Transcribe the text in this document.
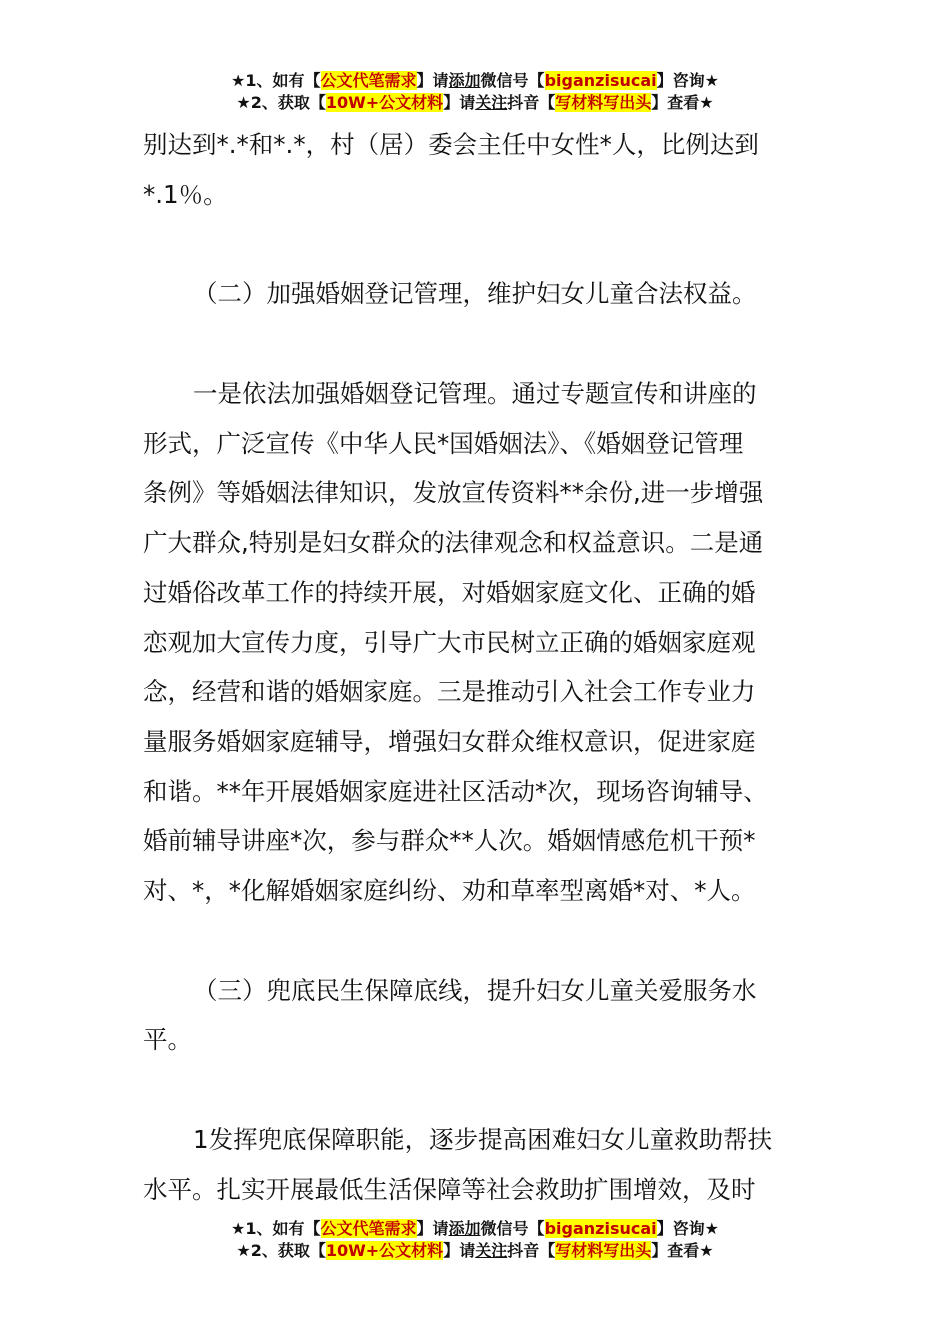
★1、如有【公文代笔需求】请添加微信号【biganzisucai】咨询★
★2、获取【10W+公文材料】请关注抖音【写材料写出头】查看★
别达到*.*和*.*，村（居）委会主任中女性*人，比例达到
*.1％。
（二）加强婚姻登记管理，维护妇女儿童合法权益。
一是依法加强婚姻登记管理。通过专题宣传和讲座的
形式，广泛宣传《中华人民*国婚姻法》、《婚姻登记管理
条例》等婚姻法律知识，发放宣传资料**余份,进一步增强
广大群众,特别是妇女群众的法律观念和权益意识。二是通
过婚俗改革工作的持续开展，对婚姻家庭文化、正确的婚
恋观加大宣传力度，引导广大市民树立正确的婚姻家庭观
念，经营和谐的婚姻家庭。三是推动引入社会工作专业力
量服务婚姻家庭辅导，增强妇女群众维权意识，促进家庭
和谐。**年开展婚姻家庭进社区活动*次，现场咨询辅导、
婚前辅导讲座*次，参与群众**人次。婚姻情感危机干预*
对、*，*化解婚姻家庭纠纷、劝和草率型离婚*对、*人。
（三）兜底民生保障底线，提升妇女儿童关爱服务水
平。
1发挥兜底保障职能，逐步提高困难妇女儿童救助帮扶
水平。扎实开展最低生活保障等社会救助扩围增效，及时
★1、如有【公文代笔需求】请添加微信号【biganzisucai】咨询★
★2、获取【10W+公文材料】请关注抖音【写材料写出头】查看★
